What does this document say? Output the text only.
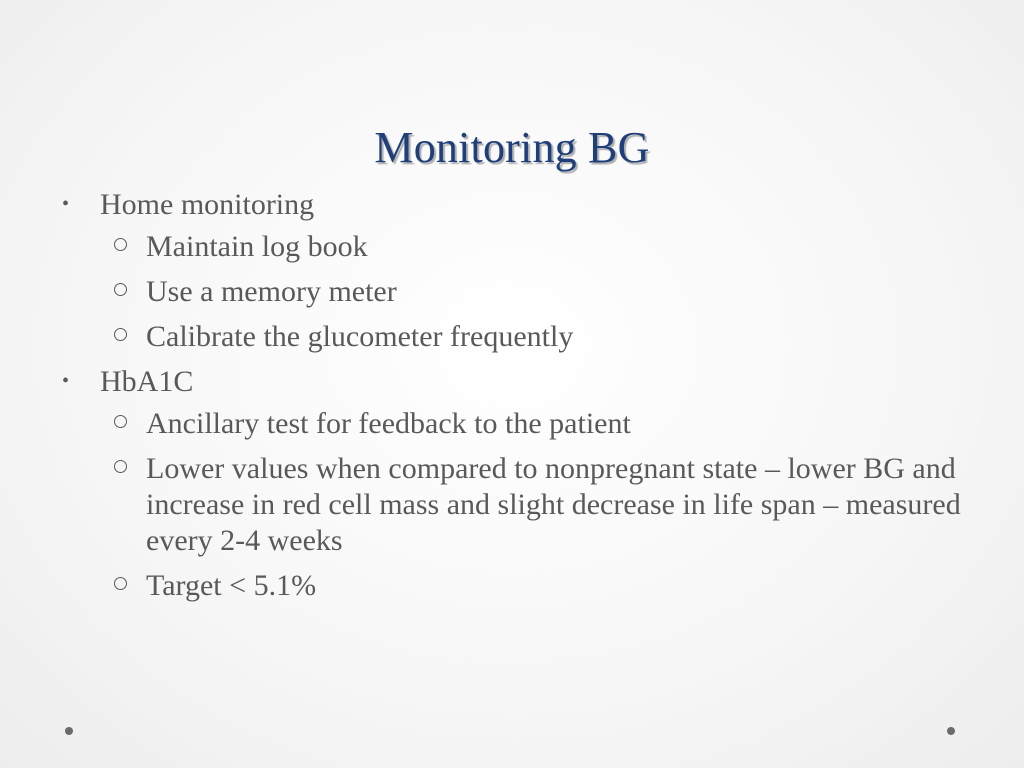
Monitoring BG
• Home monitoring
Maintain log book
Use a memory meter
Calibrate the glucometer frequently
• HbA1C
Ancillary test for feedback to the patient
Lower values when compared to nonpregnant state – lower BG and increase in red cell mass and slight decrease in life span – measured every 2-4 weeks
Target < 5.1%
